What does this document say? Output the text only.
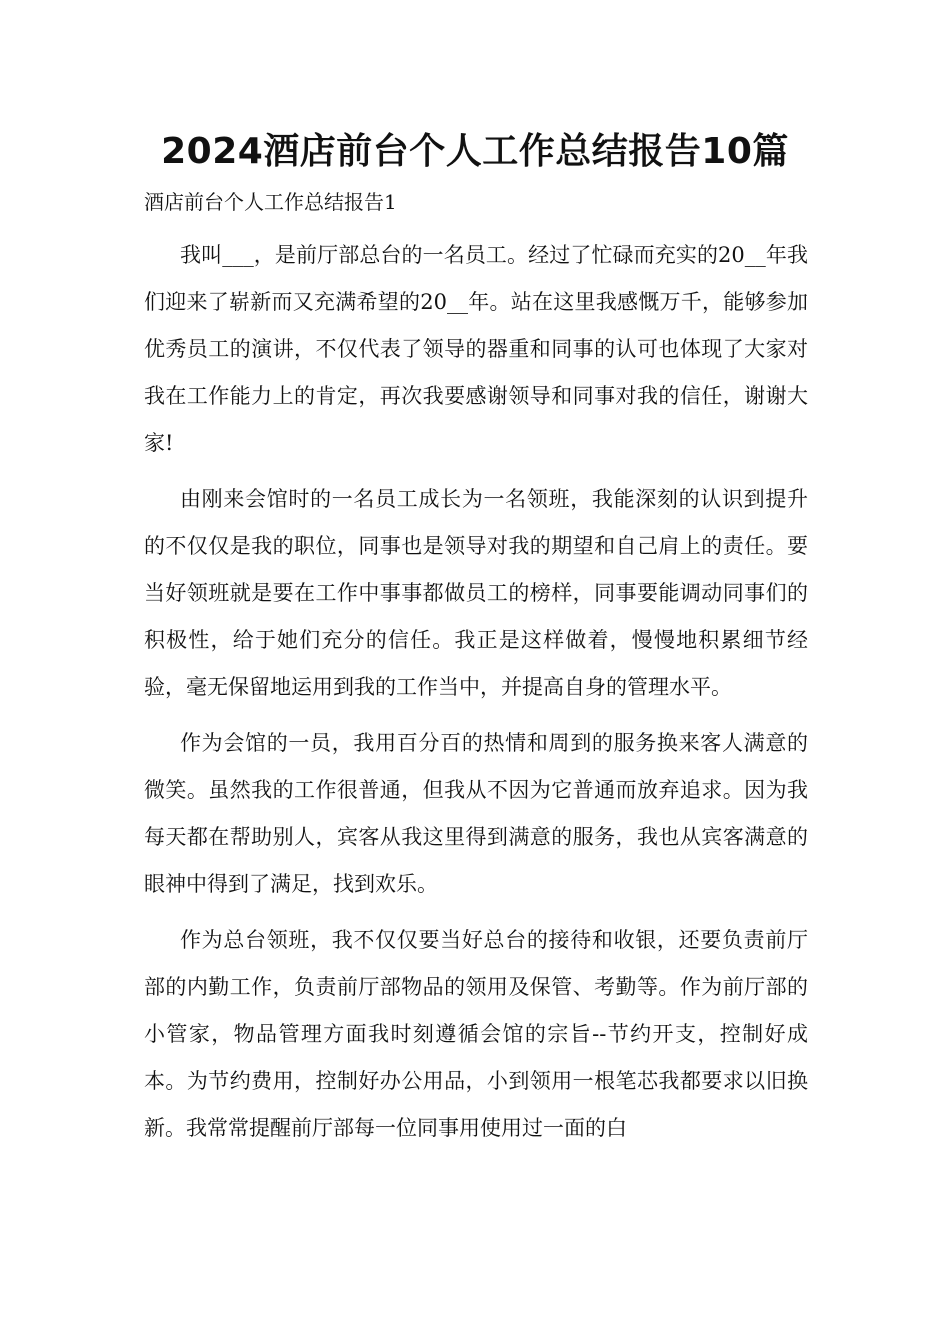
2024酒店前台个人工作总结报告10篇
酒店前台个人工作总结报告1

我叫___，是前厅部总台的一名员工。经过了忙碌而充实的20__年我们迎来了崭新而又充满希望的20__年。站在这里我感慨万千，能够参加优秀员工的演讲，不仅代表了领导的器重和同事的认可也体现了大家对我在工作能力上的肯定，再次我要感谢领导和同事对我的信任，谢谢大家!

由刚来会馆时的一名员工成长为一名领班，我能深刻的认识到提升的不仅仅是我的职位，同事也是领导对我的期望和自己肩上的责任。要当好领班就是要在工作中事事都做员工的榜样，同事要能调动同事们的积极性，给于她们充分的信任。我正是这样做着，慢慢地积累细节经验，毫无保留地运用到我的工作当中，并提高自身的管理水平。

作为会馆的一员，我用百分百的热情和周到的服务换来客人满意的微笑。虽然我的工作很普通，但我从不因为它普通而放弃追求。因为我每天都在帮助别人，宾客从我这里得到满意的服务，我也从宾客满意的眼神中得到了满足，找到欢乐。

作为总台领班，我不仅仅要当好总台的接待和收银，还要负责前厅部的内勤工作，负责前厅部物品的领用及保管、考勤等。作为前厅部的小管家，物品管理方面我时刻遵循会馆的宗旨--节约开支，控制好成本。为节约费用，控制好办公用品，小到领用一根笔芯我都要求以旧换新。我常常提醒前厅部每一位同事用使用过一面的白
